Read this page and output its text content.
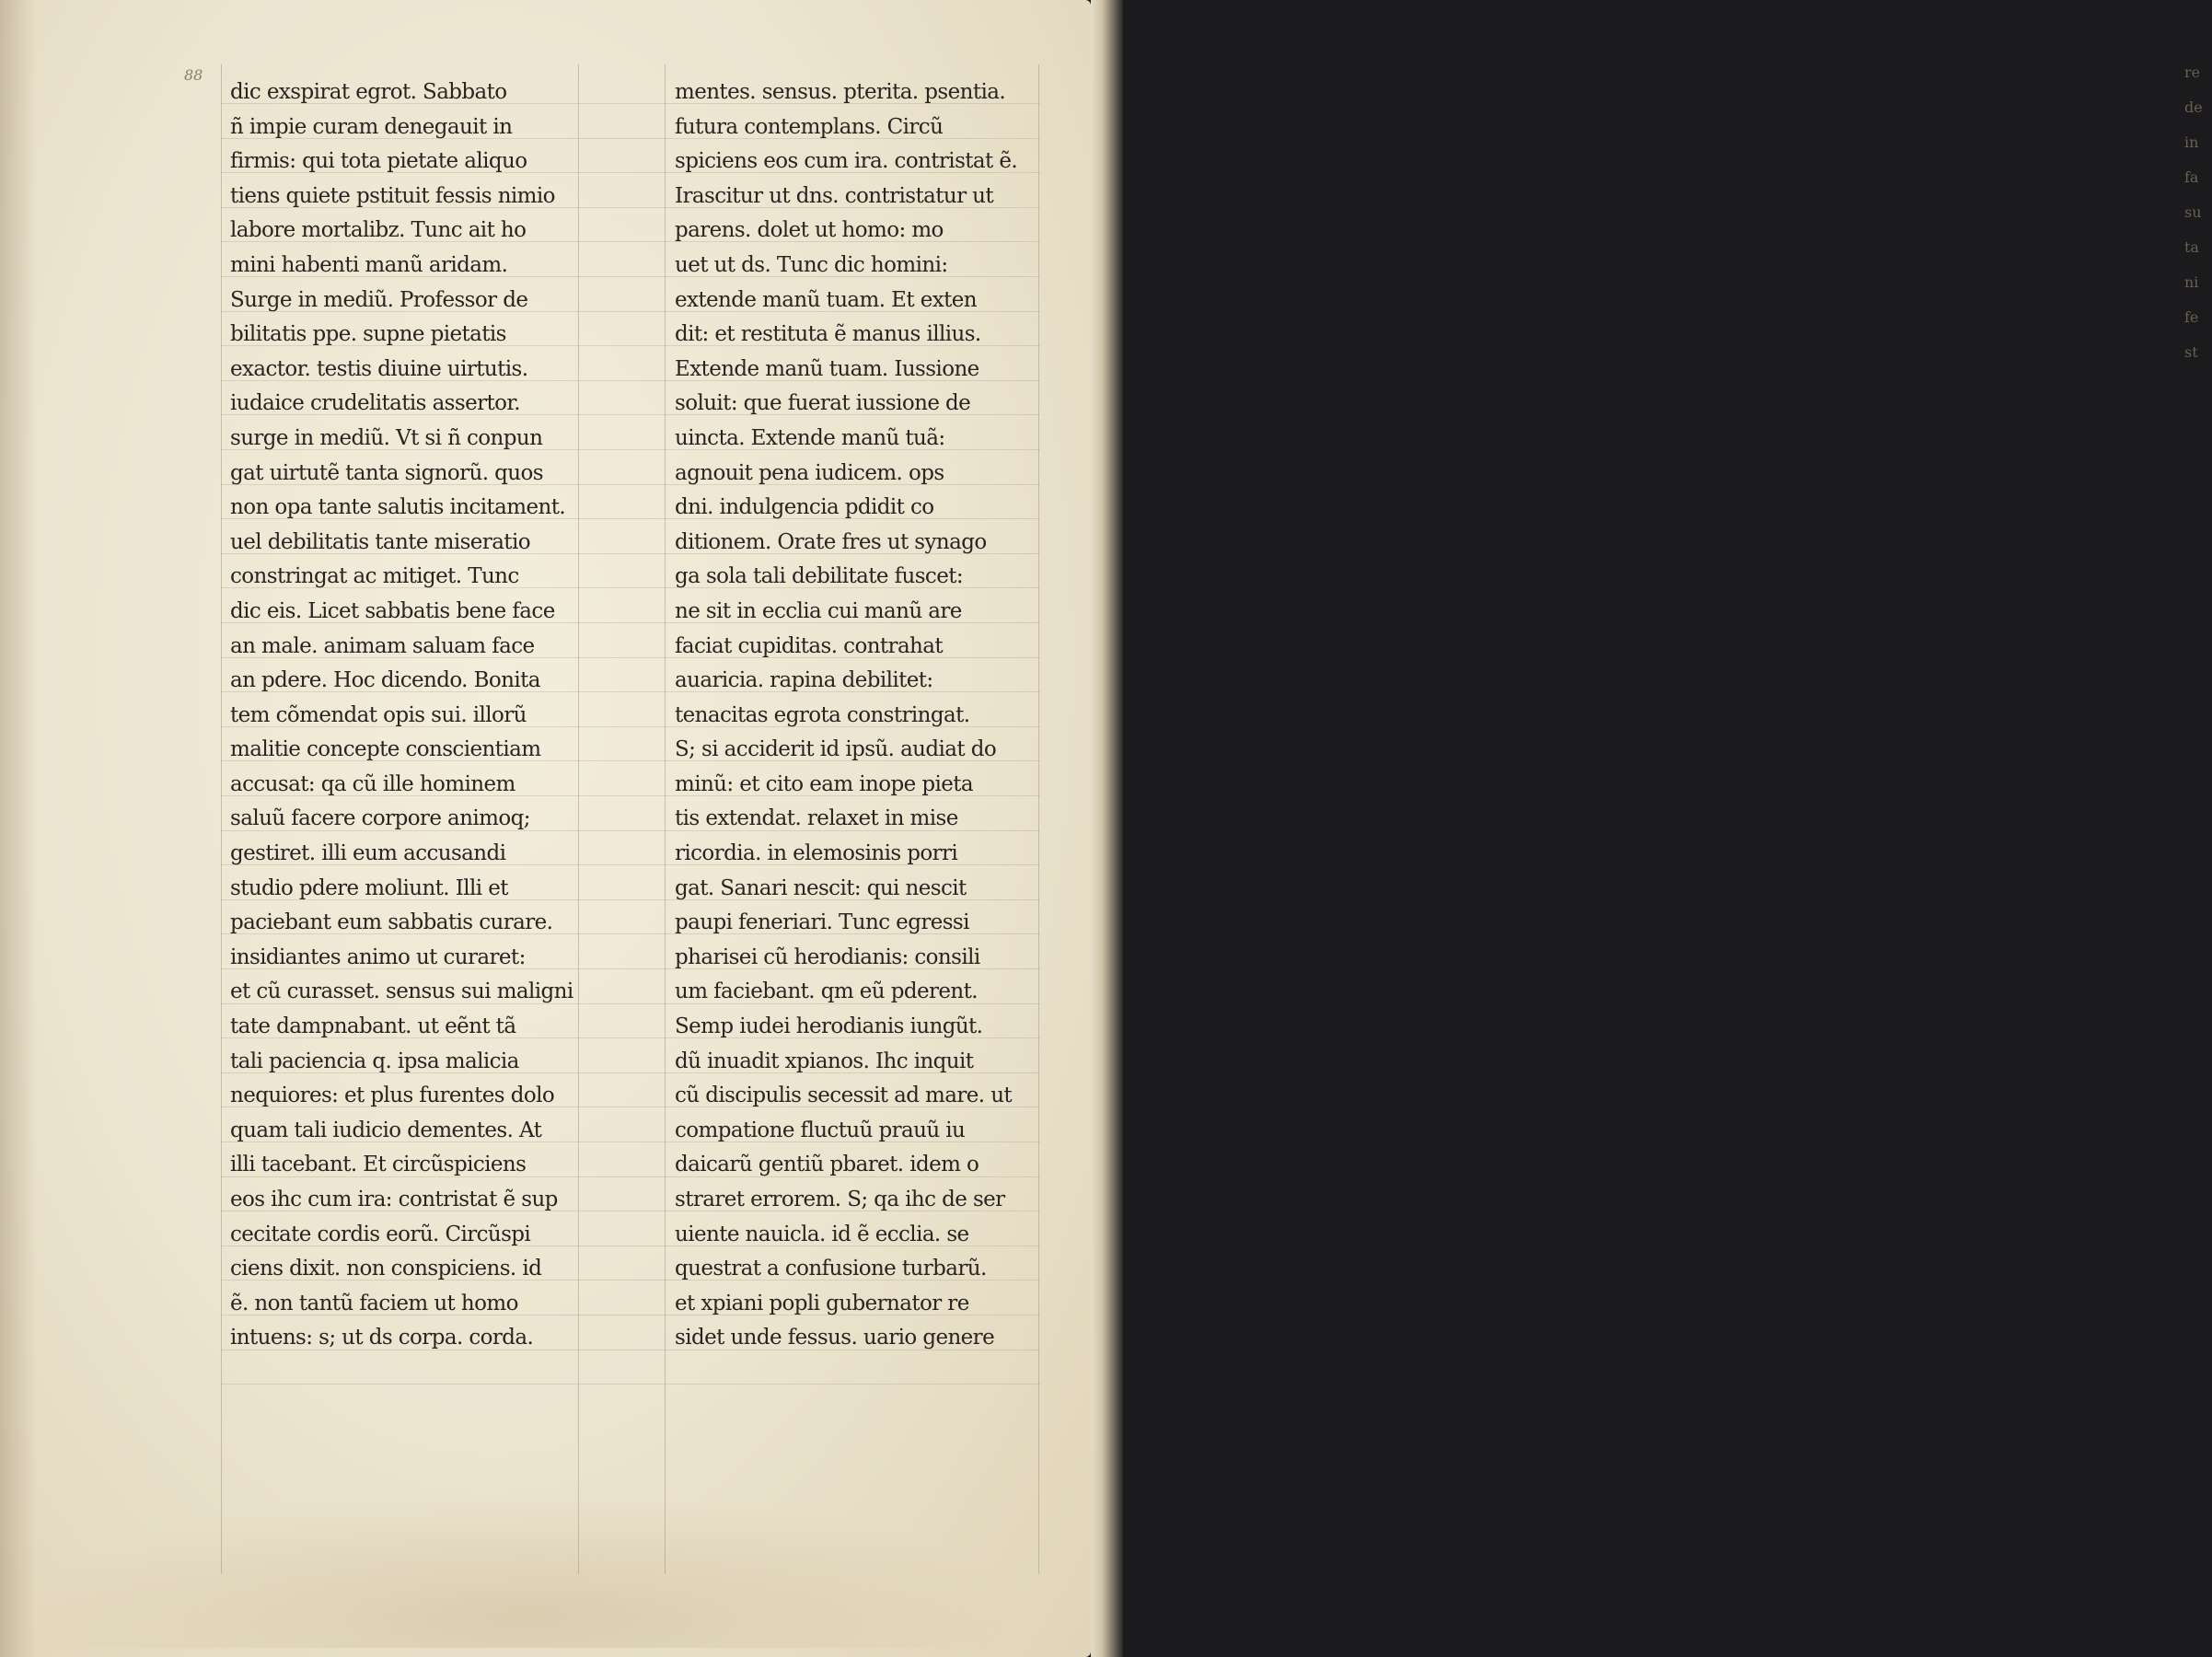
88
dic exspirat egrot. Sabbato
ñ impie curam denegauit in
firmis: qui tota pietate aliquo
tiens quiete pstituit fessis nimio
labore mortalibz. Tunc ait ho
mini habenti manũ aridam.
Surge in mediũ. Professor de
bilitatis ppe. supne pietatis
exactor. testis diuine uirtutis.
iudaice crudelitatis assertor.
surge in mediũ. Vt si ñ conpun
gat uirtutẽ tanta signorũ. quos
non opa tante salutis incitament.
uel debilitatis tante miseratio
constringat ac mitiget. Tunc
dic eis. Licet sabbatis bene face
an male. animam saluam face
an pdere. Hoc dicendo. Bonita
tem cõmendat opis sui. illorũ
malitie concepte conscientiam
accusat: qa cũ ille hominem
saluũ facere corpore animoq;
gestiret. illi eum accusandi
studio pdere moliunt. Illi et
paciebant eum sabbatis curare.
insidiantes animo ut curaret:
et cũ curasset. sensus sui maligni
tate dampnabant. ut eẽnt tã
tali paciencia q. ipsa malicia
nequiores: et plus furentes dolo
quam tali iudicio dementes. At
illi tacebant. Et circũspiciens
eos ihc cum ira: contristat ẽ sup
cecitate cordis eorũ. Circũspi
ciens dixit. non conspiciens. id
ẽ. non tantũ faciem ut homo
intuens: s; ut ds corpa. corda.
mentes. sensus. pterita. psentia.
futura contemplans. Circũ
spiciens eos cum ira. contristat ẽ.
Irascitur ut dns. contristatur ut
parens. dolet ut homo: mo
uet ut ds. Tunc dic homini:
extende manũ tuam. Et exten
dit: et restituta ẽ manus illius.
Extende manũ tuam. Iussione
soluit: que fuerat iussione de
uincta. Extende manũ tuã:
agnouit pena iudicem. ops
dni. indulgencia pdidit co
ditionem. Orate fres ut synago
ga sola tali debilitate fuscet:
ne sit in ecclia cui manũ are
faciat cupiditas. contrahat
auaricia. rapina debilitet:
tenacitas egrota constringat.
S; si acciderit id ipsũ. audiat do
minũ: et cito eam inope pieta
tis extendat. relaxet in mise
ricordia. in elemosinis porri
gat. Sanari nescit: qui nescit
paupi feneriari. Tunc egressi
pharisei cũ herodianis: consili
um faciebant. qm eũ pderent.
Semp iudei herodianis iungũt.
dũ inuadit xpianos. Ihc inquit
cũ discipulis secessit ad mare. ut
compatione fluctuũ prauũ iu
daicarũ gentiũ pbaret. idem o
straret errorem. S; qa ihc de ser
uiente nauicla. id ẽ ecclia. se
questrat a confusione turbarũ.
et xpiani popli gubernator re
sidet unde fessus. uario genere
re
de
in
fa
su
ta
ni
fe
st
